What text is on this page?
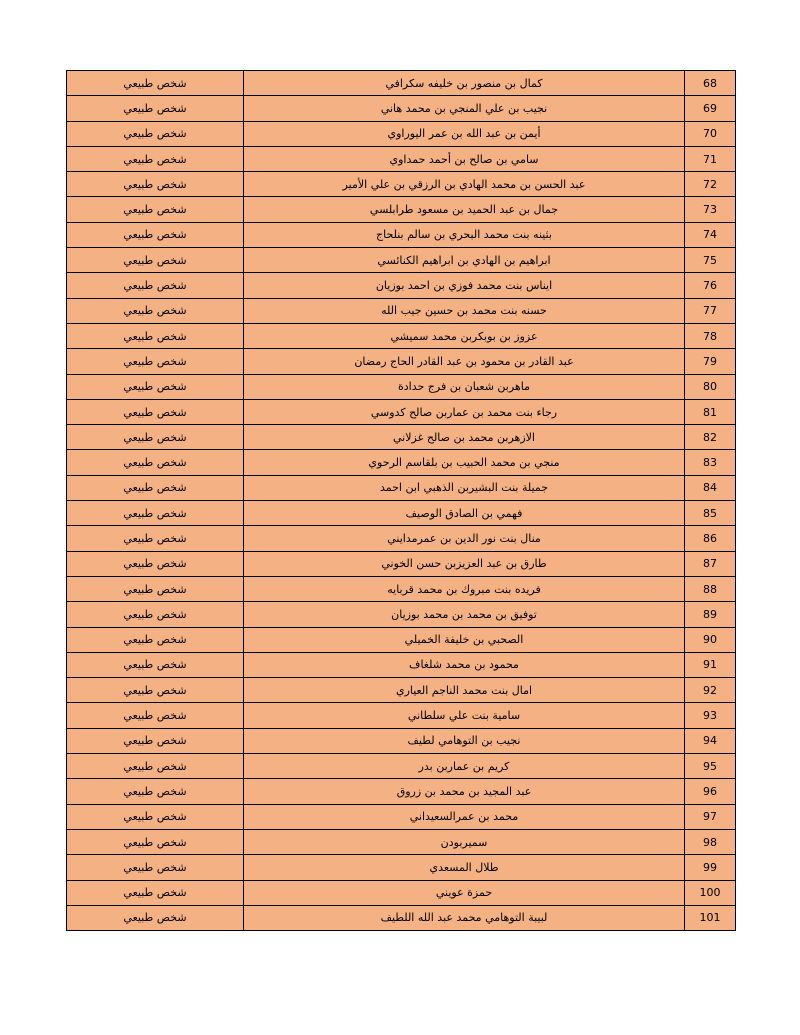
68	كمال بن منصور بن خليفه سكرافي	شخص طبيعي
69	نجيب بن علي المنجي بن محمد هاني	شخص طبيعي
70	أيمن بن عبد الله بن عمر اليوراوي	شخص طبيعي
71	سامي بن صالح بن أحمد حمداوي	شخص طبيعي
72	عبد الحسن بن محمد الهادي بن الرزقي بن علي الأمير	شخص طبيعي
73	جمال بن عبد الحميد بن مسعود طرابلسي	شخص طبيعي
74	بثينه بنت محمد البحري بن سالم بنلحاج	شخص طبيعي
75	ابراهيم بن الهادي بن ابراهيم الكنائسي	شخص طبيعي
76	ايناس بنت محمد فوزي بن احمد بوزيان	شخص طبيعي
77	حسنه بنت محمد بن حسين جيب الله	شخص طبيعي
78	عزوز بن بوبكربن محمد سميشي	شخص طبيعي
79	عبد القادر بن محمود بن عبد القادر الحاج رمضان	شخص طبيعي
80	ماهربن شعبان بن فرج حدادة	شخص طبيعي
81	رجاء بنت محمد بن عماربن صالح كدوسي	شخص طبيعي
82	الازهربن محمد بن صالح غزلاني	شخص طبيعي
83	منجي بن محمد الحبيب بن بلقاسم الرحوي	شخص طبيعي
84	جميلة بنت البشيربن الذهبي ابن احمد	شخص طبيعي
85	فهمي بن الصادق الوصيف	شخص طبيعي
86	منال بنت نور الدين بن عمرمدايني	شخص طبيعي
87	طارق بن عبد العزيزبن حسن الخوني	شخص طبيعي
88	فريده بنت مبروك بن محمد قربايه	شخص طبيعي
89	توفيق بن محمد بن محمد بوزيان	شخص طبيعي
90	الصحبي بن خليفة الخميلي	شخص طبيعي
91	محمود بن محمد شلغاف	شخص طبيعي
92	امال بنت محمد الناجم العياري	شخص طبيعي
93	سامية بنت علي سلطاني	شخص طبيعي
94	نجيب بن التوهامي لطيف	شخص طبيعي
95	كريم بن عماربن بدر	شخص طبيعي
96	عبد المجيد بن محمد بن زروق	شخص طبيعي
97	محمد بن عمرالسعيداني	شخص طبيعي
98	سميربودن	شخص طبيعي
99	طلال المسعدي	شخص طبيعي
100	حمزة عويني	شخص طبيعي
101	لبيبة التوهامي محمد عبد الله اللطيف	شخص طبيعي
